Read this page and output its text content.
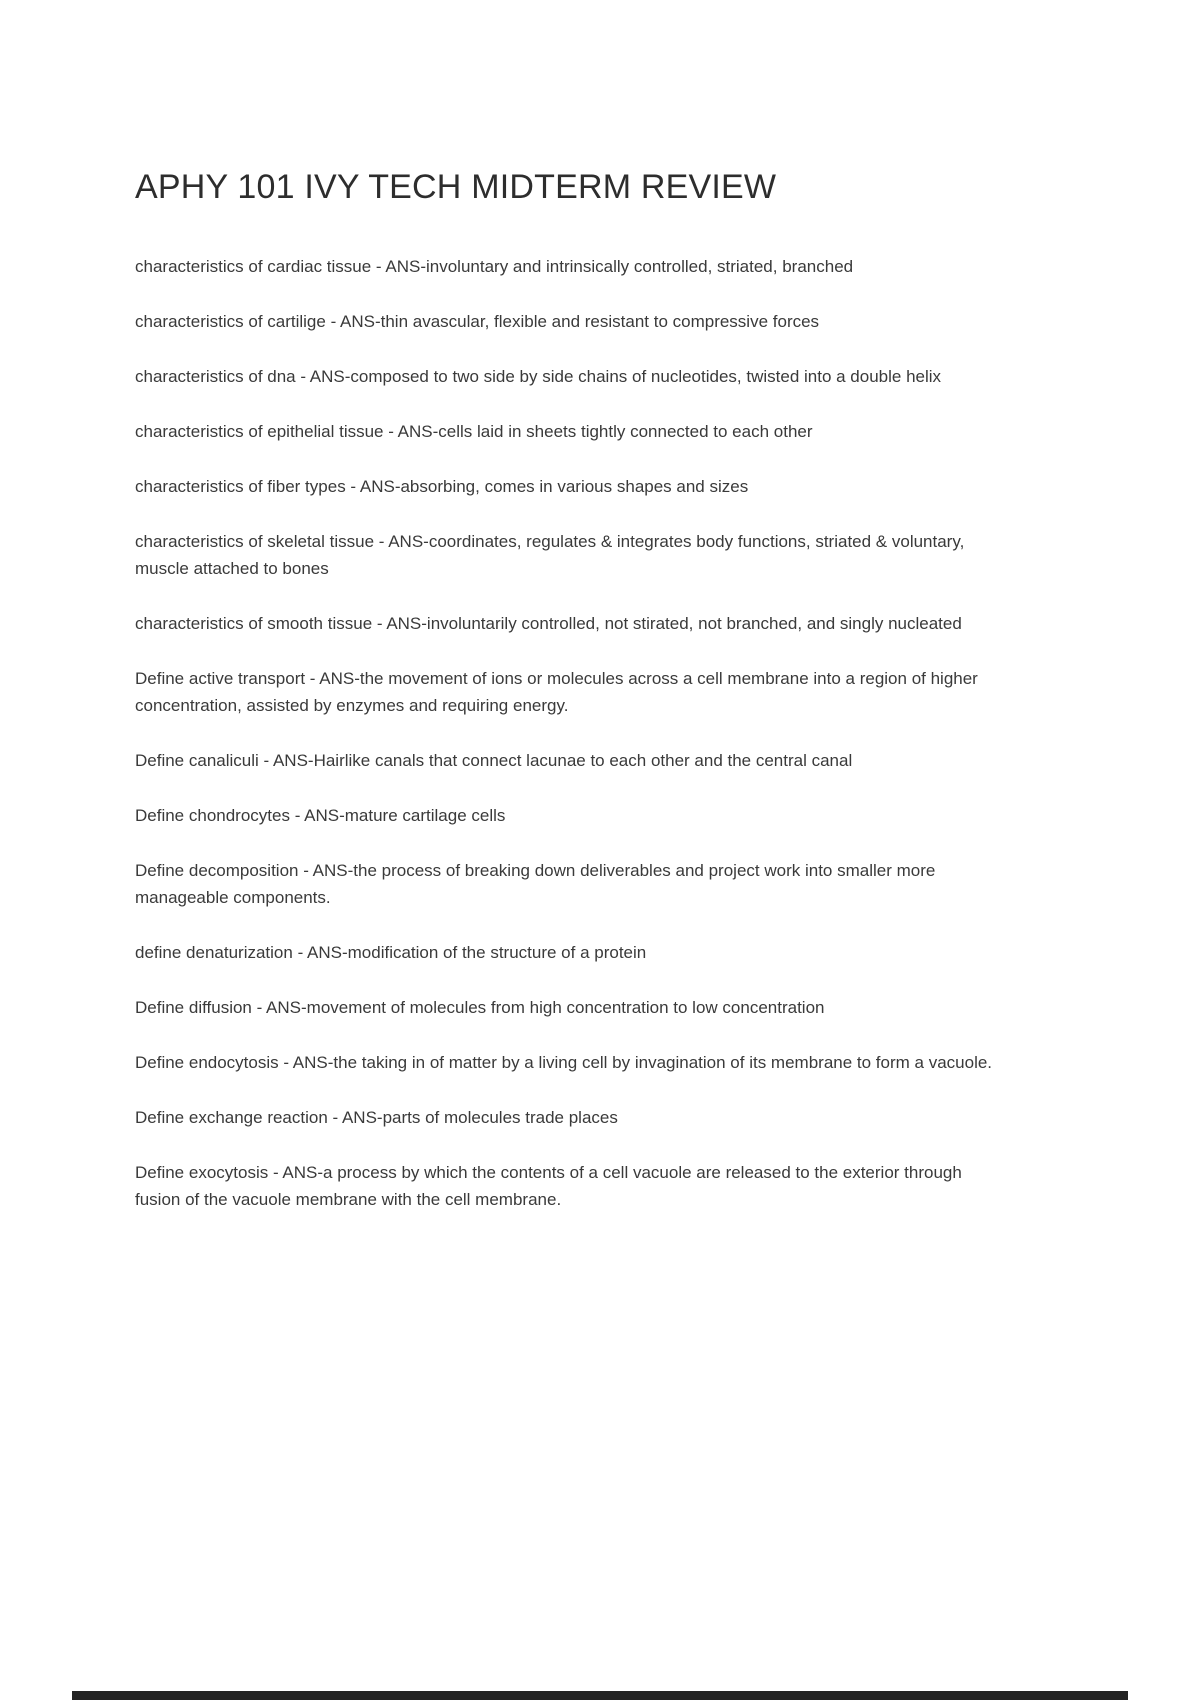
APHY 101 IVY TECH MIDTERM REVIEW

characteristics of cardiac tissue - ANS-involuntary and intrinsically controlled, striated, branched

characteristics of cartilige - ANS-thin avascular, flexible and resistant to compressive forces

characteristics of dna - ANS-composed to two side by side chains of nucleotides, twisted into a double helix

characteristics of epithelial tissue - ANS-cells laid in sheets tightly connected to each other

characteristics of fiber types - ANS-absorbing, comes in various shapes and sizes

characteristics of skeletal tissue - ANS-coordinates, regulates & integrates body functions, striated & voluntary, muscle attached to bones

characteristics of smooth tissue - ANS-involuntarily controlled, not stirated, not branched, and singly nucleated

Define active transport - ANS-the movement of ions or molecules across a cell membrane into a region of higher concentration, assisted by enzymes and requiring energy.

Define canaliculi - ANS-Hairlike canals that connect lacunae to each other and the central canal

Define chondrocytes - ANS-mature cartilage cells

Define decomposition - ANS-the process of breaking down deliverables and project work into smaller more manageable components.

define denaturization - ANS-modification of the structure of a protein

Define diffusion - ANS-movement of molecules from high concentration to low concentration

Define endocytosis - ANS-the taking in of matter by a living cell by invagination of its membrane to form a vacuole.

Define exchange reaction - ANS-parts of molecules trade places

Define exocytosis - ANS-a process by which the contents of a cell vacuole are released to the exterior through fusion of the vacuole membrane with the cell membrane.
